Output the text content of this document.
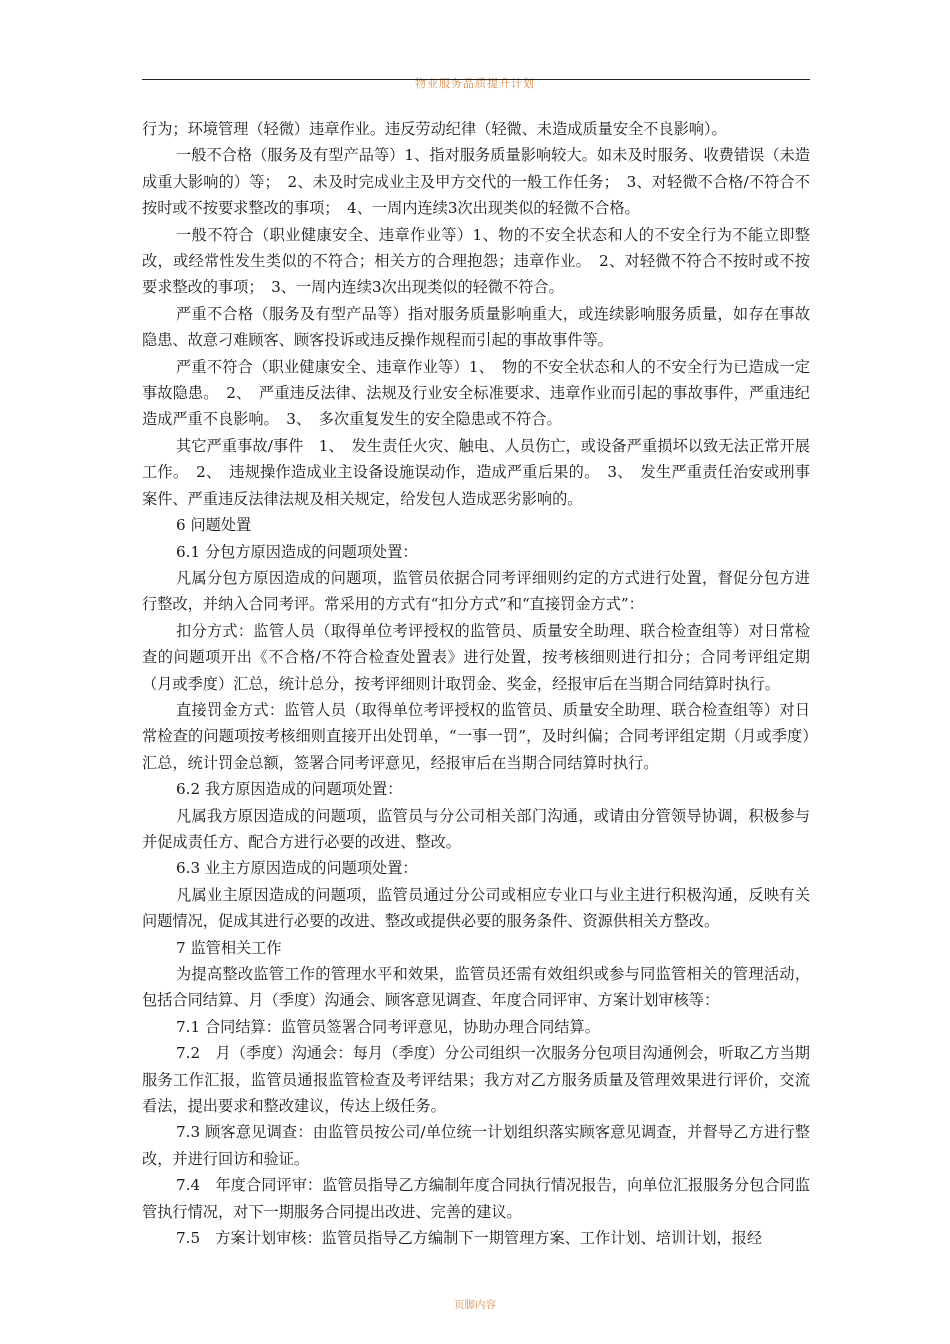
物业服务品质提升计划

行为；环境管理（轻微）违章作业。违反劳动纪律（轻微、未造成质量安全不良影响）。

一般不合格（服务及有型产品等）1、指对服务质量影响较大。如未及时服务、收费错误（未造成重大影响的）等；　2、未及时完成业主及甲方交代的一般工作任务；　3、对轻微不合格/不符合不按时或不按要求整改的事项；　4、一周内连续3次出现类似的轻微不合格。

一般不符合（职业健康安全、违章作业等）1、物的不安全状态和人的不安全行为不能立即整改，或经常性发生类似的不符合；相关方的合理抱怨；违章作业。　2、对轻微不符合不按时或不按要求整改的事项；　3、一周内连续3次出现类似的轻微不符合。

严重不合格（服务及有型产品等）指对服务质量影响重大，或连续影响服务质量，如存在事故隐患、故意刁难顾客、顾客投诉或违反操作规程而引起的事故事件等。

严重不符合（职业健康安全、违章作业等）1、　物的不安全状态和人的不安全行为已造成一定事故隐患。　2、　严重违反法律、法规及行业安全标准要求、违章作业而引起的事故事件，严重违纪造成严重不良影响。　3、　多次重复发生的安全隐患或不符合。

其它严重事故/事件　1、　发生责任火灾、触电、人员伤亡，或设备严重损坏以致无法正常开展工作。　2、　违规操作造成业主设备设施误动作，造成严重后果的。　3、　发生严重责任治安或刑事案件、严重违反法律法规及相关规定，给发包人造成恶劣影响的。

6 问题处置

6.1 分包方原因造成的问题项处置：

凡属分包方原因造成的问题项，监管员依据合同考评细则约定的方式进行处置，督促分包方进行整改，并纳入合同考评。常采用的方式有“扣分方式”和“直接罚金方式”：

扣分方式：监管人员（取得单位考评授权的监管员、质量安全助理、联合检查组等）对日常检查的问题项开出《不合格/不符合检查处置表》进行处置，按考核细则进行扣分；合同考评组定期（月或季度）汇总，统计总分，按考评细则计取罚金、奖金，经报审后在当期合同结算时执行。

直接罚金方式：监管人员（取得单位考评授权的监管员、质量安全助理、联合检查组等）对日常检查的问题项按考核细则直接开出处罚单，“一事一罚”，及时纠偏；合同考评组定期（月或季度）汇总，统计罚金总额，签署合同考评意见，经报审后在当期合同结算时执行。

6.2 我方原因造成的问题项处置：

凡属我方原因造成的问题项，监管员与分公司相关部门沟通，或请由分管领导协调，积极参与并促成责任方、配合方进行必要的改进、整改。

6.3 业主方原因造成的问题项处置：

凡属业主原因造成的问题项，监管员通过分公司或相应专业口与业主进行积极沟通，反映有关问题情况，促成其进行必要的改进、整改或提供必要的服务条件、资源供相关方整改。

7 监管相关工作

为提高整改监管工作的管理水平和效果，监管员还需有效组织或参与同监管相关的管理活动，包括合同结算、月（季度）沟通会、顾客意见调查、年度合同评审、方案计划审核等：

7.1 合同结算：监管员签署合同考评意见，协助办理合同结算。

7.2　月（季度）沟通会：每月（季度）分公司组织一次服务分包项目沟通例会，听取乙方当期服务工作汇报，监管员通报监管检查及考评结果；我方对乙方服务质量及管理效果进行评价，交流看法，提出要求和整改建议，传达上级任务。

7.3 顾客意见调查：由监管员按公司/单位统一计划组织落实顾客意见调查，并督导乙方进行整改，并进行回访和验证。

7.4　年度合同评审：监管员指导乙方编制年度合同执行情况报告，向单位汇报服务分包合同监管执行情况，对下一期服务合同提出改进、完善的建议。

7.5　方案计划审核：监管员指导乙方编制下一期管理方案、工作计划、培训计划，报经

页脚内容
